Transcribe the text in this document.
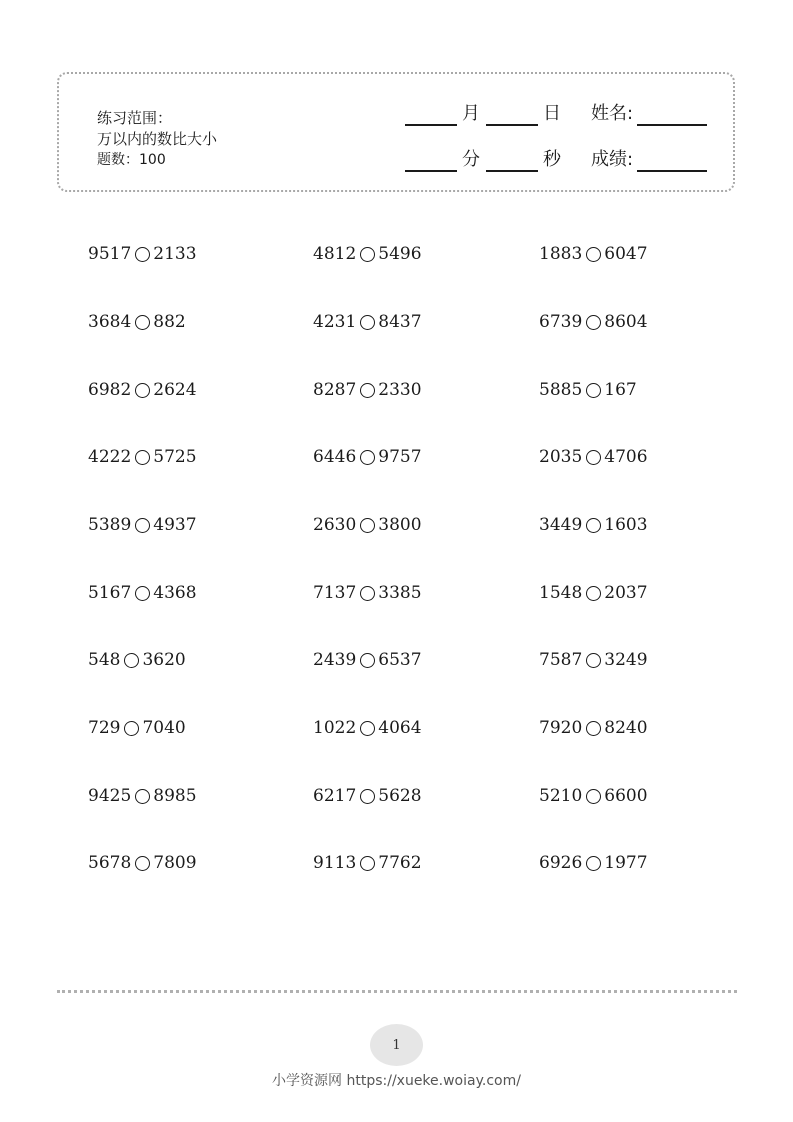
练习范围：
万以内的数比大小
题数：100
月	日	姓名:
分	秒	成绩:
9517 2133
3684 882
6982 2624
4222 5725
5389 4937
5167 4368
548 3620
729 7040
9425 8985
5678 7809
4812 5496
4231 8437
8287 2330
6446 9757
2630 3800
7137 3385
2439 6537
1022 4064
6217 5628
9113 7762
1883 6047
6739 8604
5885 167
2035 4706
3449 1603
1548 2037
7587 3249
7920 8240
5210 6600
6926 1977
1
小学资源网 https://xueke.woiay.com/
